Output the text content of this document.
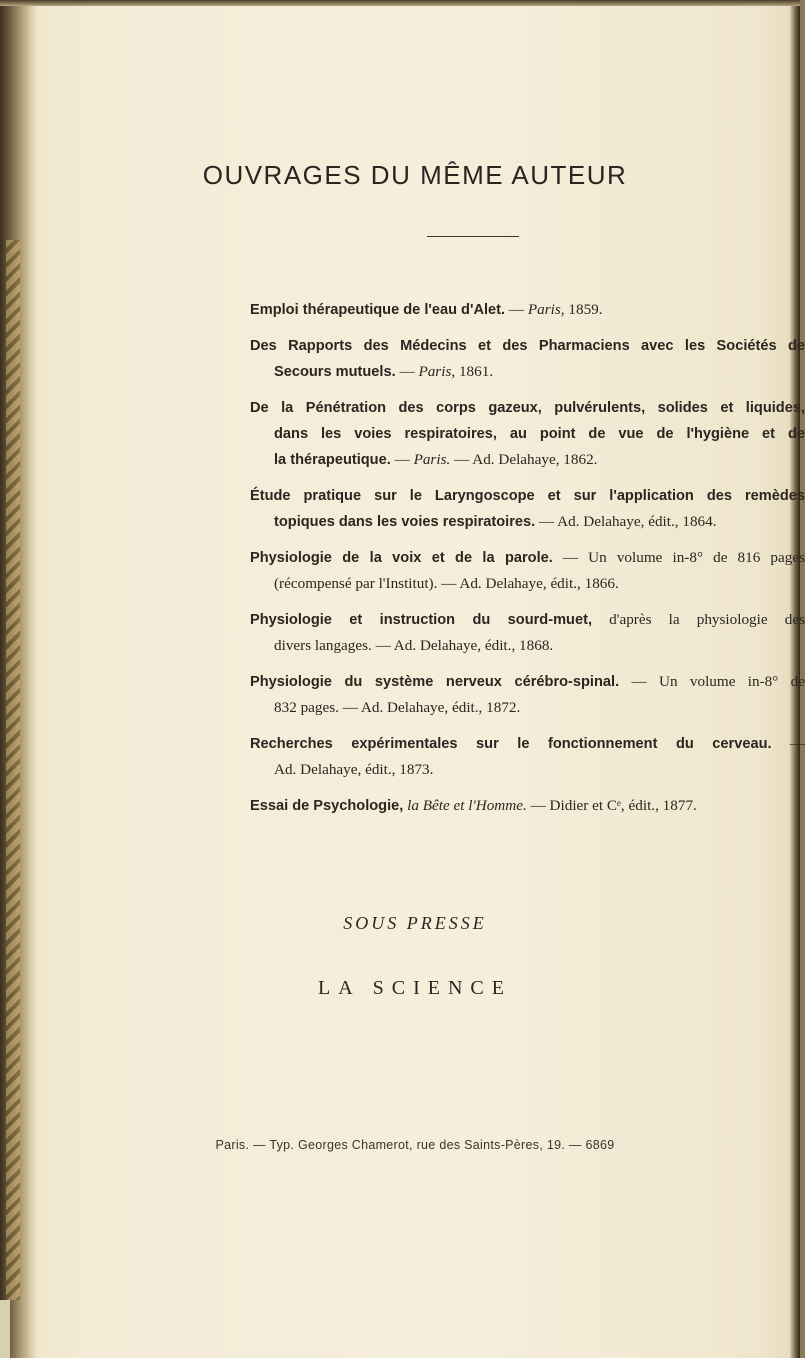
OUVRAGES DU MÊME AUTEUR
Emploi thérapeutique de l'eau d'Alet. — Paris, 1859.
Des Rapports des Médecins et des Pharmaciens avec les Sociétés de
Secours mutuels. — Paris, 1861.
De la Pénétration des corps gazeux, pulvérulents, solides et liquides,
dans les voies respiratoires, au point de vue de l'hygiène et de
la thérapeutique. — Paris. — Ad. Delahaye, 1862.
Étude pratique sur le Laryngoscope et sur l'application des remèdes
topiques dans les voies respiratoires. — Ad. Delahaye, édit., 1864.
Physiologie de la voix et de la parole. — Un volume in-8° de 816 pages
(récompensé par l'Institut). — Ad. Delahaye, édit., 1866.
Physiologie et instruction du sourd-muet, d'après la physiologie des
divers langages. — Ad. Delahaye, édit., 1868.
Physiologie du système nerveux cérébro-spinal. — Un volume in-8° de
832 pages. — Ad. Delahaye, édit., 1872.
Recherches expérimentales sur le fonctionnement du cerveau. —
Ad. Delahaye, édit., 1873.
Essai de Psychologie, la Bête et l'Homme. — Didier et Cᵉ, édit., 1877.
SOUS PRESSE
LA SCIENCE
Paris. — Typ. Georges Chamerot, rue des Saints-Pères, 19. — 6869
